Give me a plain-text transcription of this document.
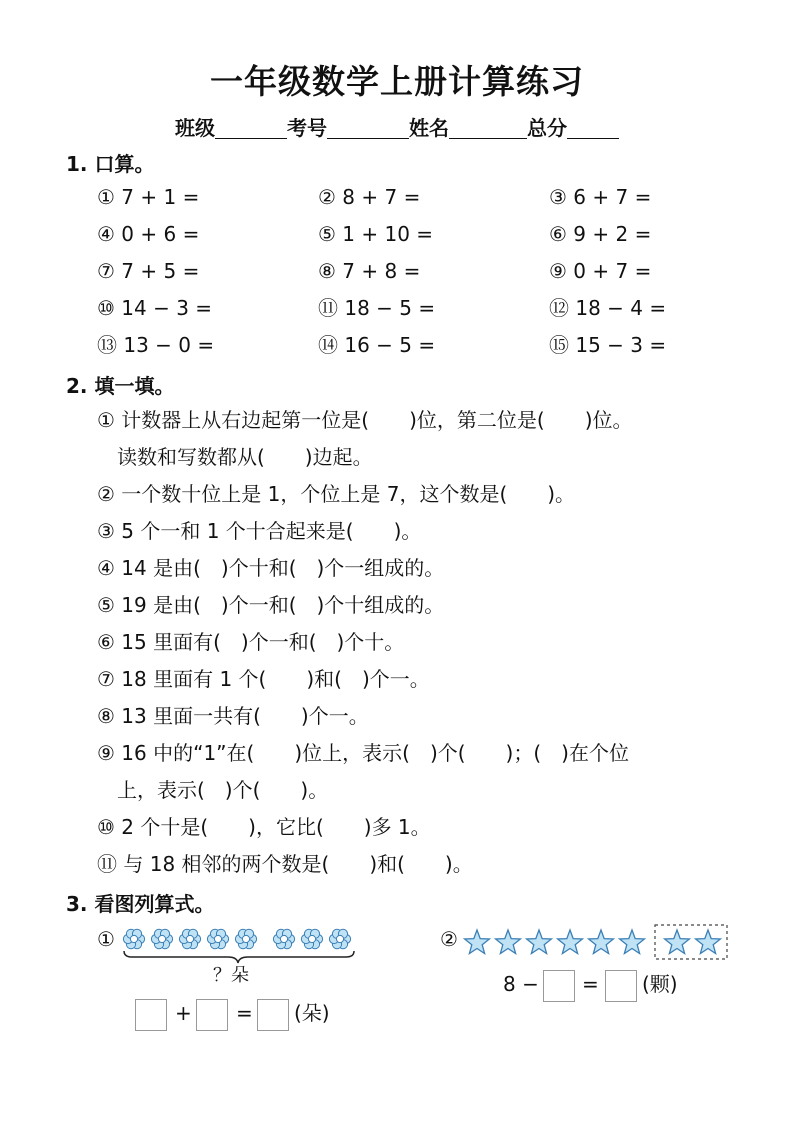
一年级数学上册计算练习
班级	考号	姓名	总分
1. 口算。
① 7 + 1 =	② 8 + 7 =	③ 6 + 7 =
④ 0 + 6 =	⑤ 1 + 10 =	⑥ 9 + 2 =
⑦ 7 + 5 =	⑧ 7 + 8 =	⑨ 0 + 7 =
⑩ 14 − 3 =	⑪ 18 − 5 =	⑫ 18 − 4 =
⑬ 13 − 0 =	⑭ 16 − 5 =	⑮ 15 − 3 =
2. 填一填。
① 计数器上从右边起第一位是(　　)位，第二位是(　　)位。
　读数和写数都从(　　)边起。
② 一个数十位上是 1，个位上是 7，这个数是(　　)。
③ 5 个一和 1 个十合起来是(　　)。
④ 14 是由(　)个十和(　)个一组成的。
⑤ 19 是由(　)个一和(　)个十组成的。
⑥ 15 里面有(　)个一和(　)个十。
⑦ 18 里面有 1 个(　　)和(　)个一。
⑧ 13 里面一共有(　　)个一。
⑨ 16 中的“1”在(　　)位上，表示(　)个(　　)；(　)在个位
　上，表示(　)个(　　)。
⑩ 2 个十是(　　)，它比(　　)多 1。
⑪ 与 18 相邻的两个数是(　　)和(　　)。
3. 看图列算式。
①
？朵
+ = (朵)
②
8 − = (颗)
